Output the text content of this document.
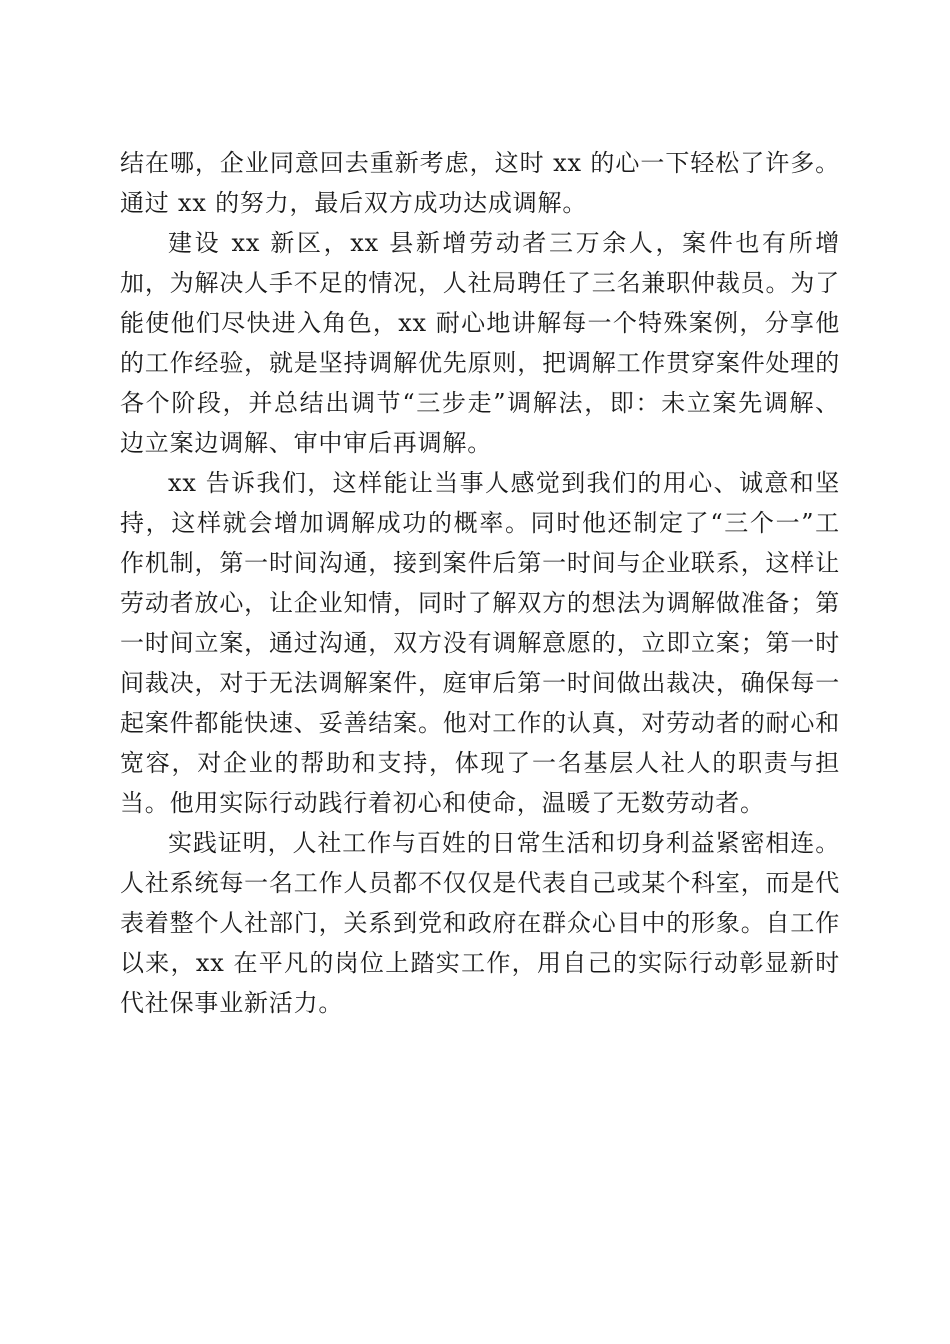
结在哪，企业同意回去重新考虑，这时 xx 的心一下轻松了许多。通过 xx 的努力，最后双方成功达成调解。

建设 xx 新区，xx 县新增劳动者三万余人，案件也有所增加，为解决人手不足的情况，人社局聘任了三名兼职仲裁员。为了能使他们尽快进入角色，xx 耐心地讲解每一个特殊案例，分享他的工作经验，就是坚持调解优先原则，把调解工作贯穿案件处理的各个阶段，并总结出调节“三步走”调解法，即：未立案先调解、边立案边调解、审中审后再调解。

xx 告诉我们，这样能让当事人感觉到我们的用心、诚意和坚持，这样就会增加调解成功的概率。同时他还制定了“三个一”工作机制，第一时间沟通，接到案件后第一时间与企业联系，这样让劳动者放心，让企业知情，同时了解双方的想法为调解做准备；第一时间立案，通过沟通，双方没有调解意愿的，立即立案；第一时间裁决，对于无法调解案件，庭审后第一时间做出裁决，确保每一起案件都能快速、妥善结案。他对工作的认真，对劳动者的耐心和宽容，对企业的帮助和支持，体现了一名基层人社人的职责与担当。他用实际行动践行着初心和使命，温暖了无数劳动者。

实践证明，人社工作与百姓的日常生活和切身利益紧密相连。人社系统每一名工作人员都不仅仅是代表自己或某个科室，而是代表着整个人社部门，关系到党和政府在群众心目中的形象。自工作以来，xx 在平凡的岗位上踏实工作，用自己的实际行动彰显新时代社保事业新活力。
